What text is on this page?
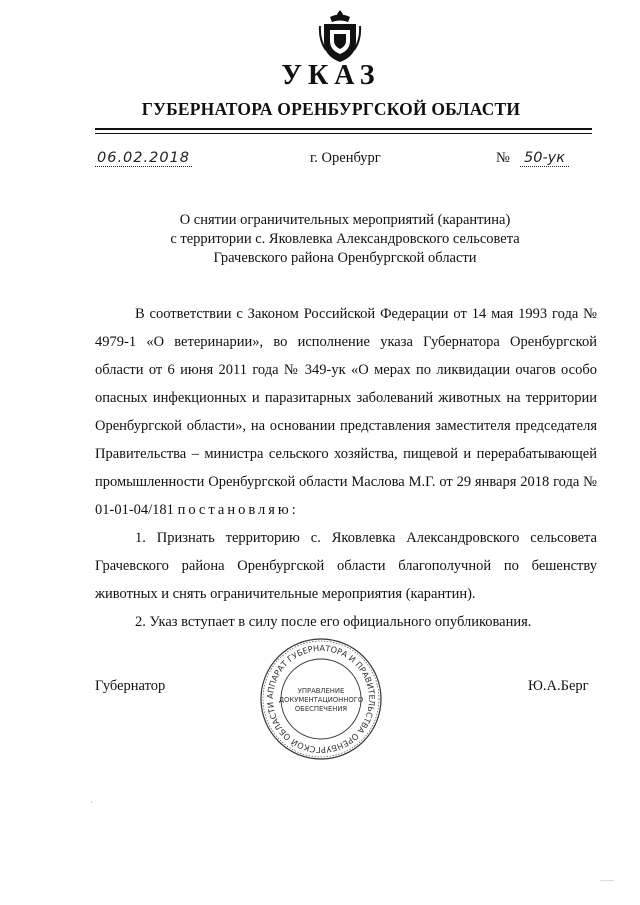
УКАЗ
ГУБЕРНАТОРА ОРЕНБУРГСКОЙ ОБЛАСТИ
06.02.2018	г. Оренбург	№ 50-ук
О снятии ограничительных мероприятий (карантина)
с территории с. Яковлевка Александровского сельсовета
Грачевского района Оренбургской области

В соответствии с Законом Российской Федерации от 14 мая 1993 года № 4979-1 «О ветеринарии», во исполнение указа Губернатора Оренбургской области от 6 июня 2011 года № 349-ук «О мерах по ликвидации очагов особо опасных инфекционных и паразитарных заболеваний животных на территории Оренбургской области», на основании представления заместителя председателя Правительства – министра сельского хозяйства, пищевой и перерабатывающей промышленности Оренбургской области Маслова М.Г. от 29 января 2018 года № 01-01-04/181 постановляю:

1. Признать территорию с. Яковлевка Александровского сельсовета Грачевского района Оренбургской области благополучной по бешенству животных и снять ограничительные мероприятия (карантин).

2. Указ вступает в силу после его официального опубликования.

Губернатор	Ю.А.Берг
АППАРАТ ГУБЕРНАТОРА И ПРАВИТЕЛЬСТВА ОРЕНБУРГСКОЙ ОБЛАСТИ
УПРАВЛЕНИЕ
ДОКУМЕНТАЦИОННОГО
ОБЕСПЕЧЕНИЯ
·
